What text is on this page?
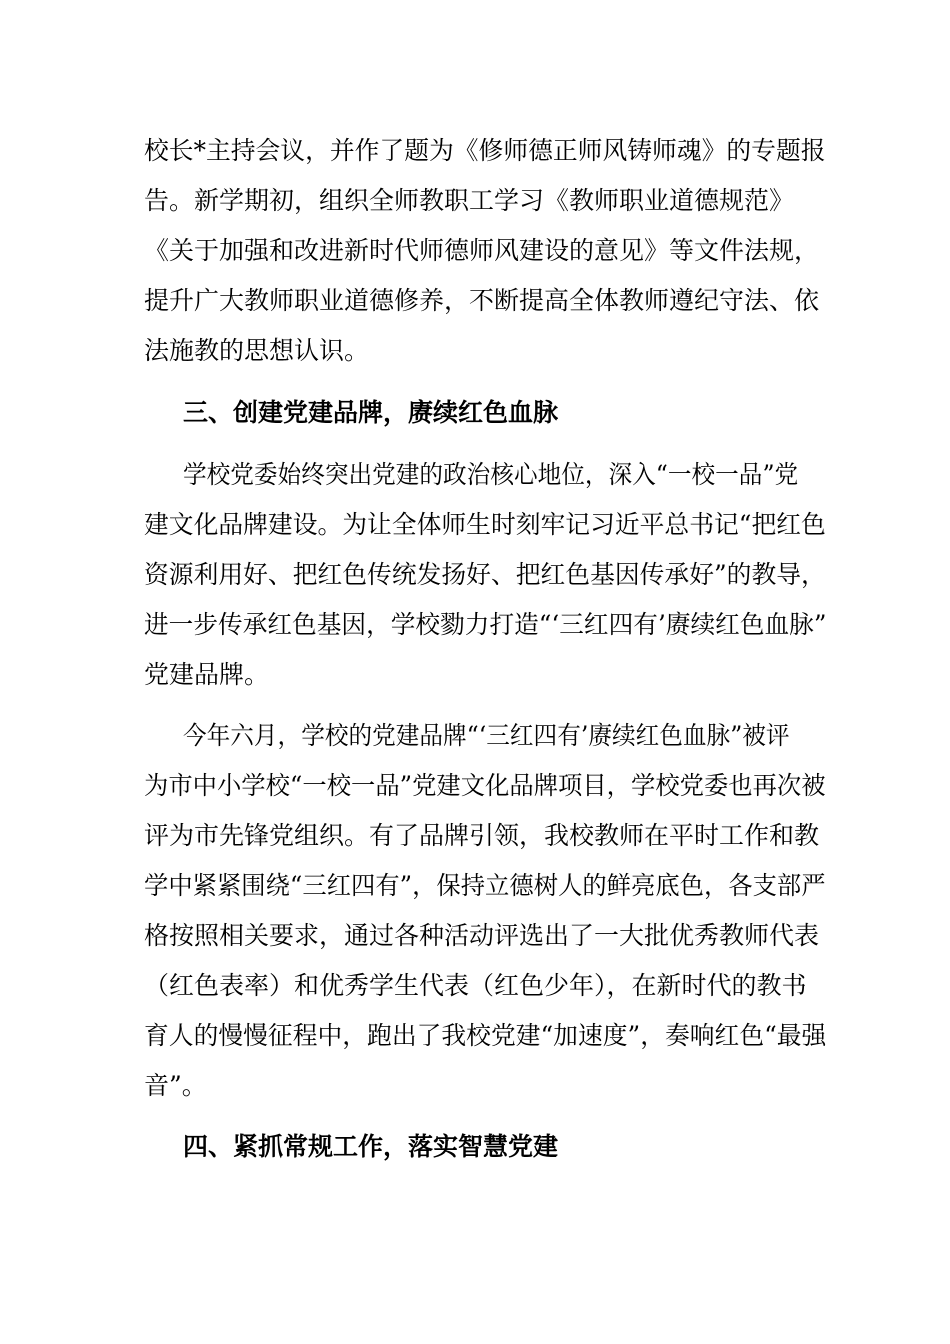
校长*主持会议，并作了题为《修师德正师风铸师魂》的专题报
告。新学期初，组织全师教职工学习《教师职业道德规范》
《关于加强和改进新时代师德师风建设的意见》等文件法规，
提升广大教师职业道德修养，不断提高全体教师遵纪守法、依
法施教的思想认识。
三、创建党建品牌，赓续红色血脉
学校党委始终突出党建的政治核心地位，深入“一校一品”党
建文化品牌建设。为让全体师生时刻牢记习近平总书记“把红色
资源利用好、把红色传统发扬好、把红色基因传承好”的教导，
进一步传承红色基因，学校勠力打造“‘三红四有’赓续红色血脉”
党建品牌。
今年六月，学校的党建品牌“‘三红四有’赓续红色血脉”被评
为市中小学校“一校一品”党建文化品牌项目，学校党委也再次被
评为市先锋党组织。有了品牌引领，我校教师在平时工作和教
学中紧紧围绕“三红四有”，保持立德树人的鲜亮底色，各支部严
格按照相关要求，通过各种活动评选出了一大批优秀教师代表
（红色表率）和优秀学生代表（红色少年），在新时代的教书
育人的慢慢征程中，跑出了我校党建“加速度”，奏响红色“最强
音”。
四、紧抓常规工作，落实智慧党建
